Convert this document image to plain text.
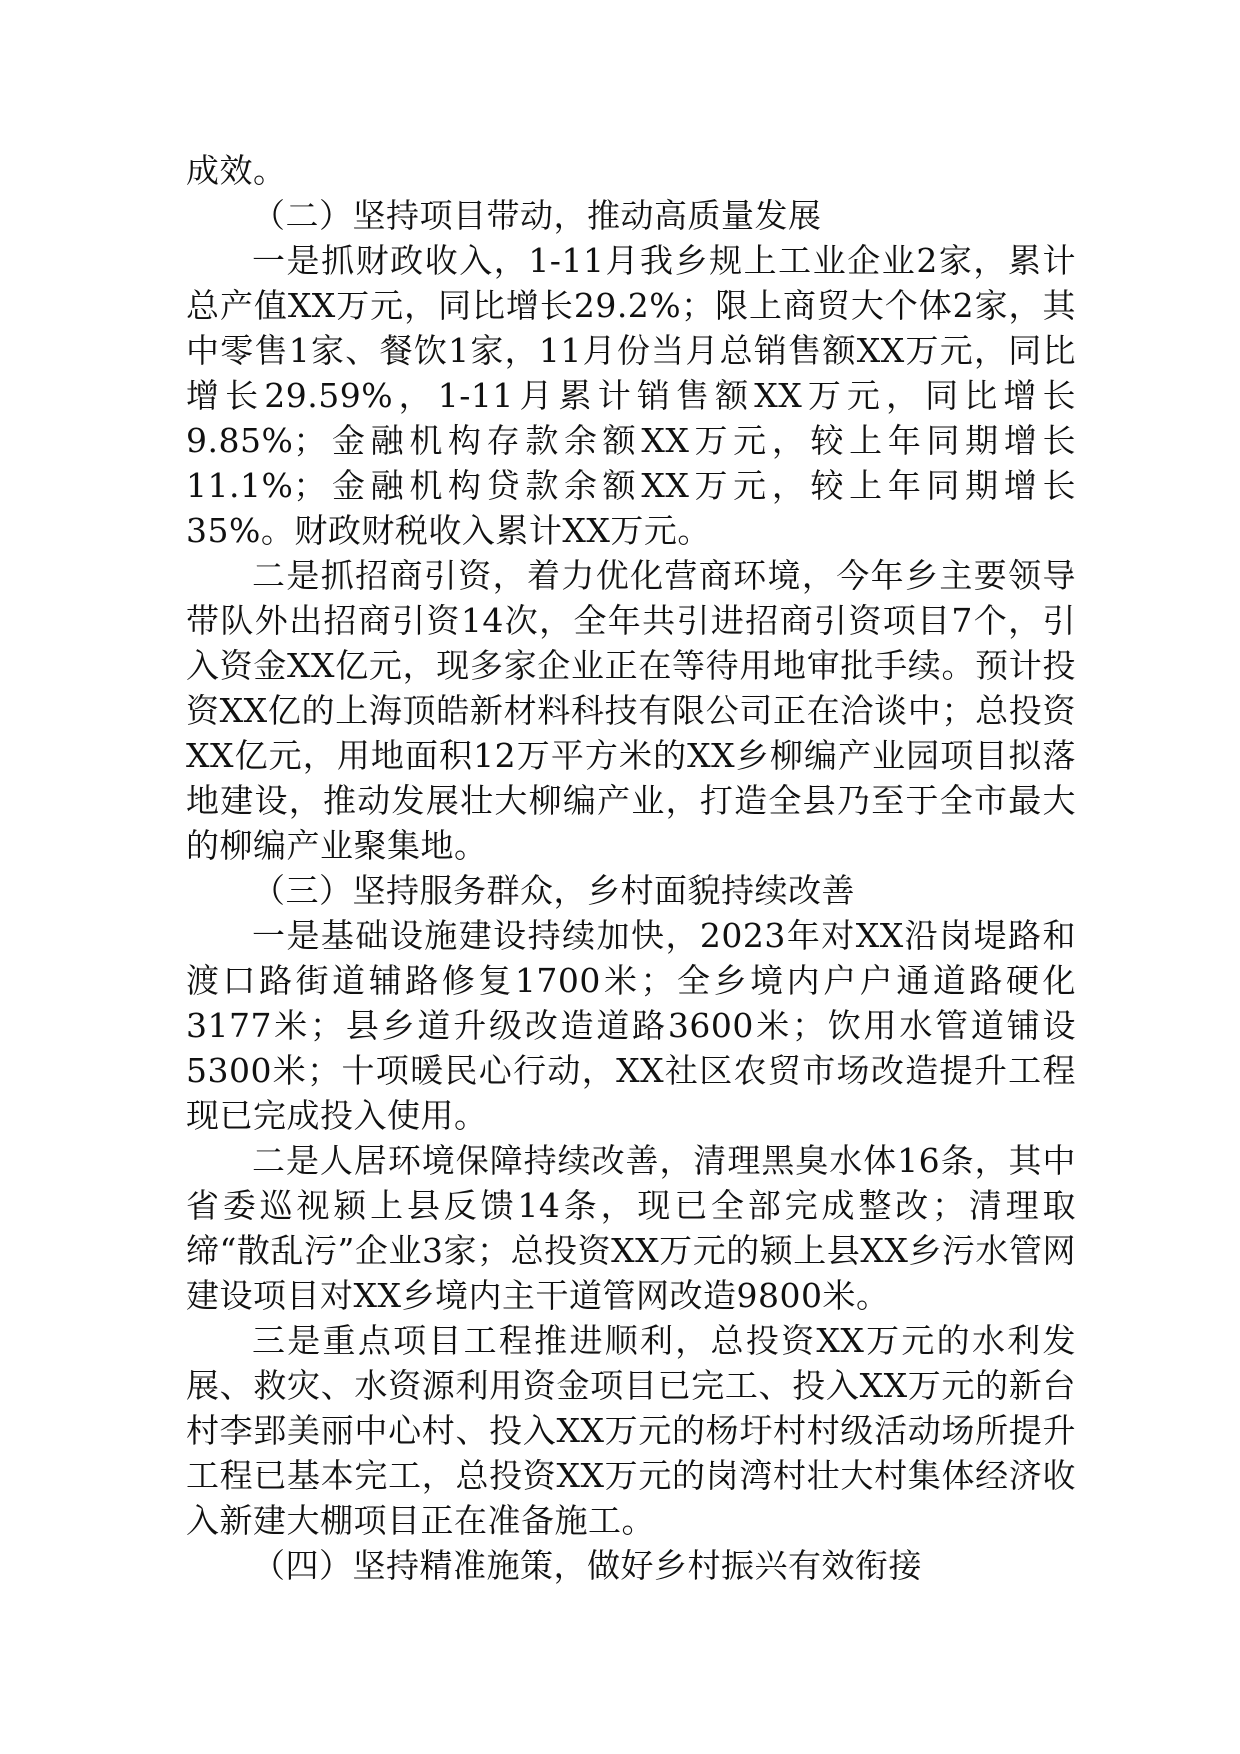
成效。

（二）坚持项目带动，推动高质量发展

一是抓财政收入，1-11月我乡规上工业企业2家，累计总产值XX万元，同比增长29.2%；限上商贸大个体2家，其中零售1家、餐饮1家，11月份当月总销售额XX万元，同比增长29.59%，1-11月累计销售额XX万元，同比增长9.85%；金融机构存款余额XX万元，较上年同期增长11.1%；金融机构贷款余额XX万元，较上年同期增长35%。财政财税收入累计XX万元。

二是抓招商引资，着力优化营商环境，今年乡主要领导带队外出招商引资14次，全年共引进招商引资项目7个，引入资金XX亿元，现多家企业正在等待用地审批手续。预计投资XX亿的上海顶皓新材料科技有限公司正在洽谈中；总投资XX亿元，用地面积12万平方米的XX乡柳编产业园项目拟落地建设，推动发展壮大柳编产业，打造全县乃至于全市最大的柳编产业聚集地。

（三）坚持服务群众，乡村面貌持续改善

一是基础设施建设持续加快，2023年对XX沿岗堤路和渡口路街道辅路修复1700米；全乡境内户户通道路硬化3177米；县乡道升级改造道路3600米；饮用水管道铺设5300米；十项暖民心行动，XX社区农贸市场改造提升工程现已完成投入使用。

二是人居环境保障持续改善，清理黑臭水体16条，其中省委巡视颍上县反馈14条，现已全部完成整改；清理取缔“散乱污”企业3家；总投资XX万元的颍上县XX乡污水管网建设项目对XX乡境内主干道管网改造9800米。

三是重点项目工程推进顺利，总投资XX万元的水利发展、救灾、水资源利用资金项目已完工、投入XX万元的新台村李郢美丽中心村、投入XX万元的杨圩村村级活动场所提升工程已基本完工，总投资XX万元的岗湾村壮大村集体经济收入新建大棚项目正在准备施工。

（四）坚持精准施策，做好乡村振兴有效衔接
